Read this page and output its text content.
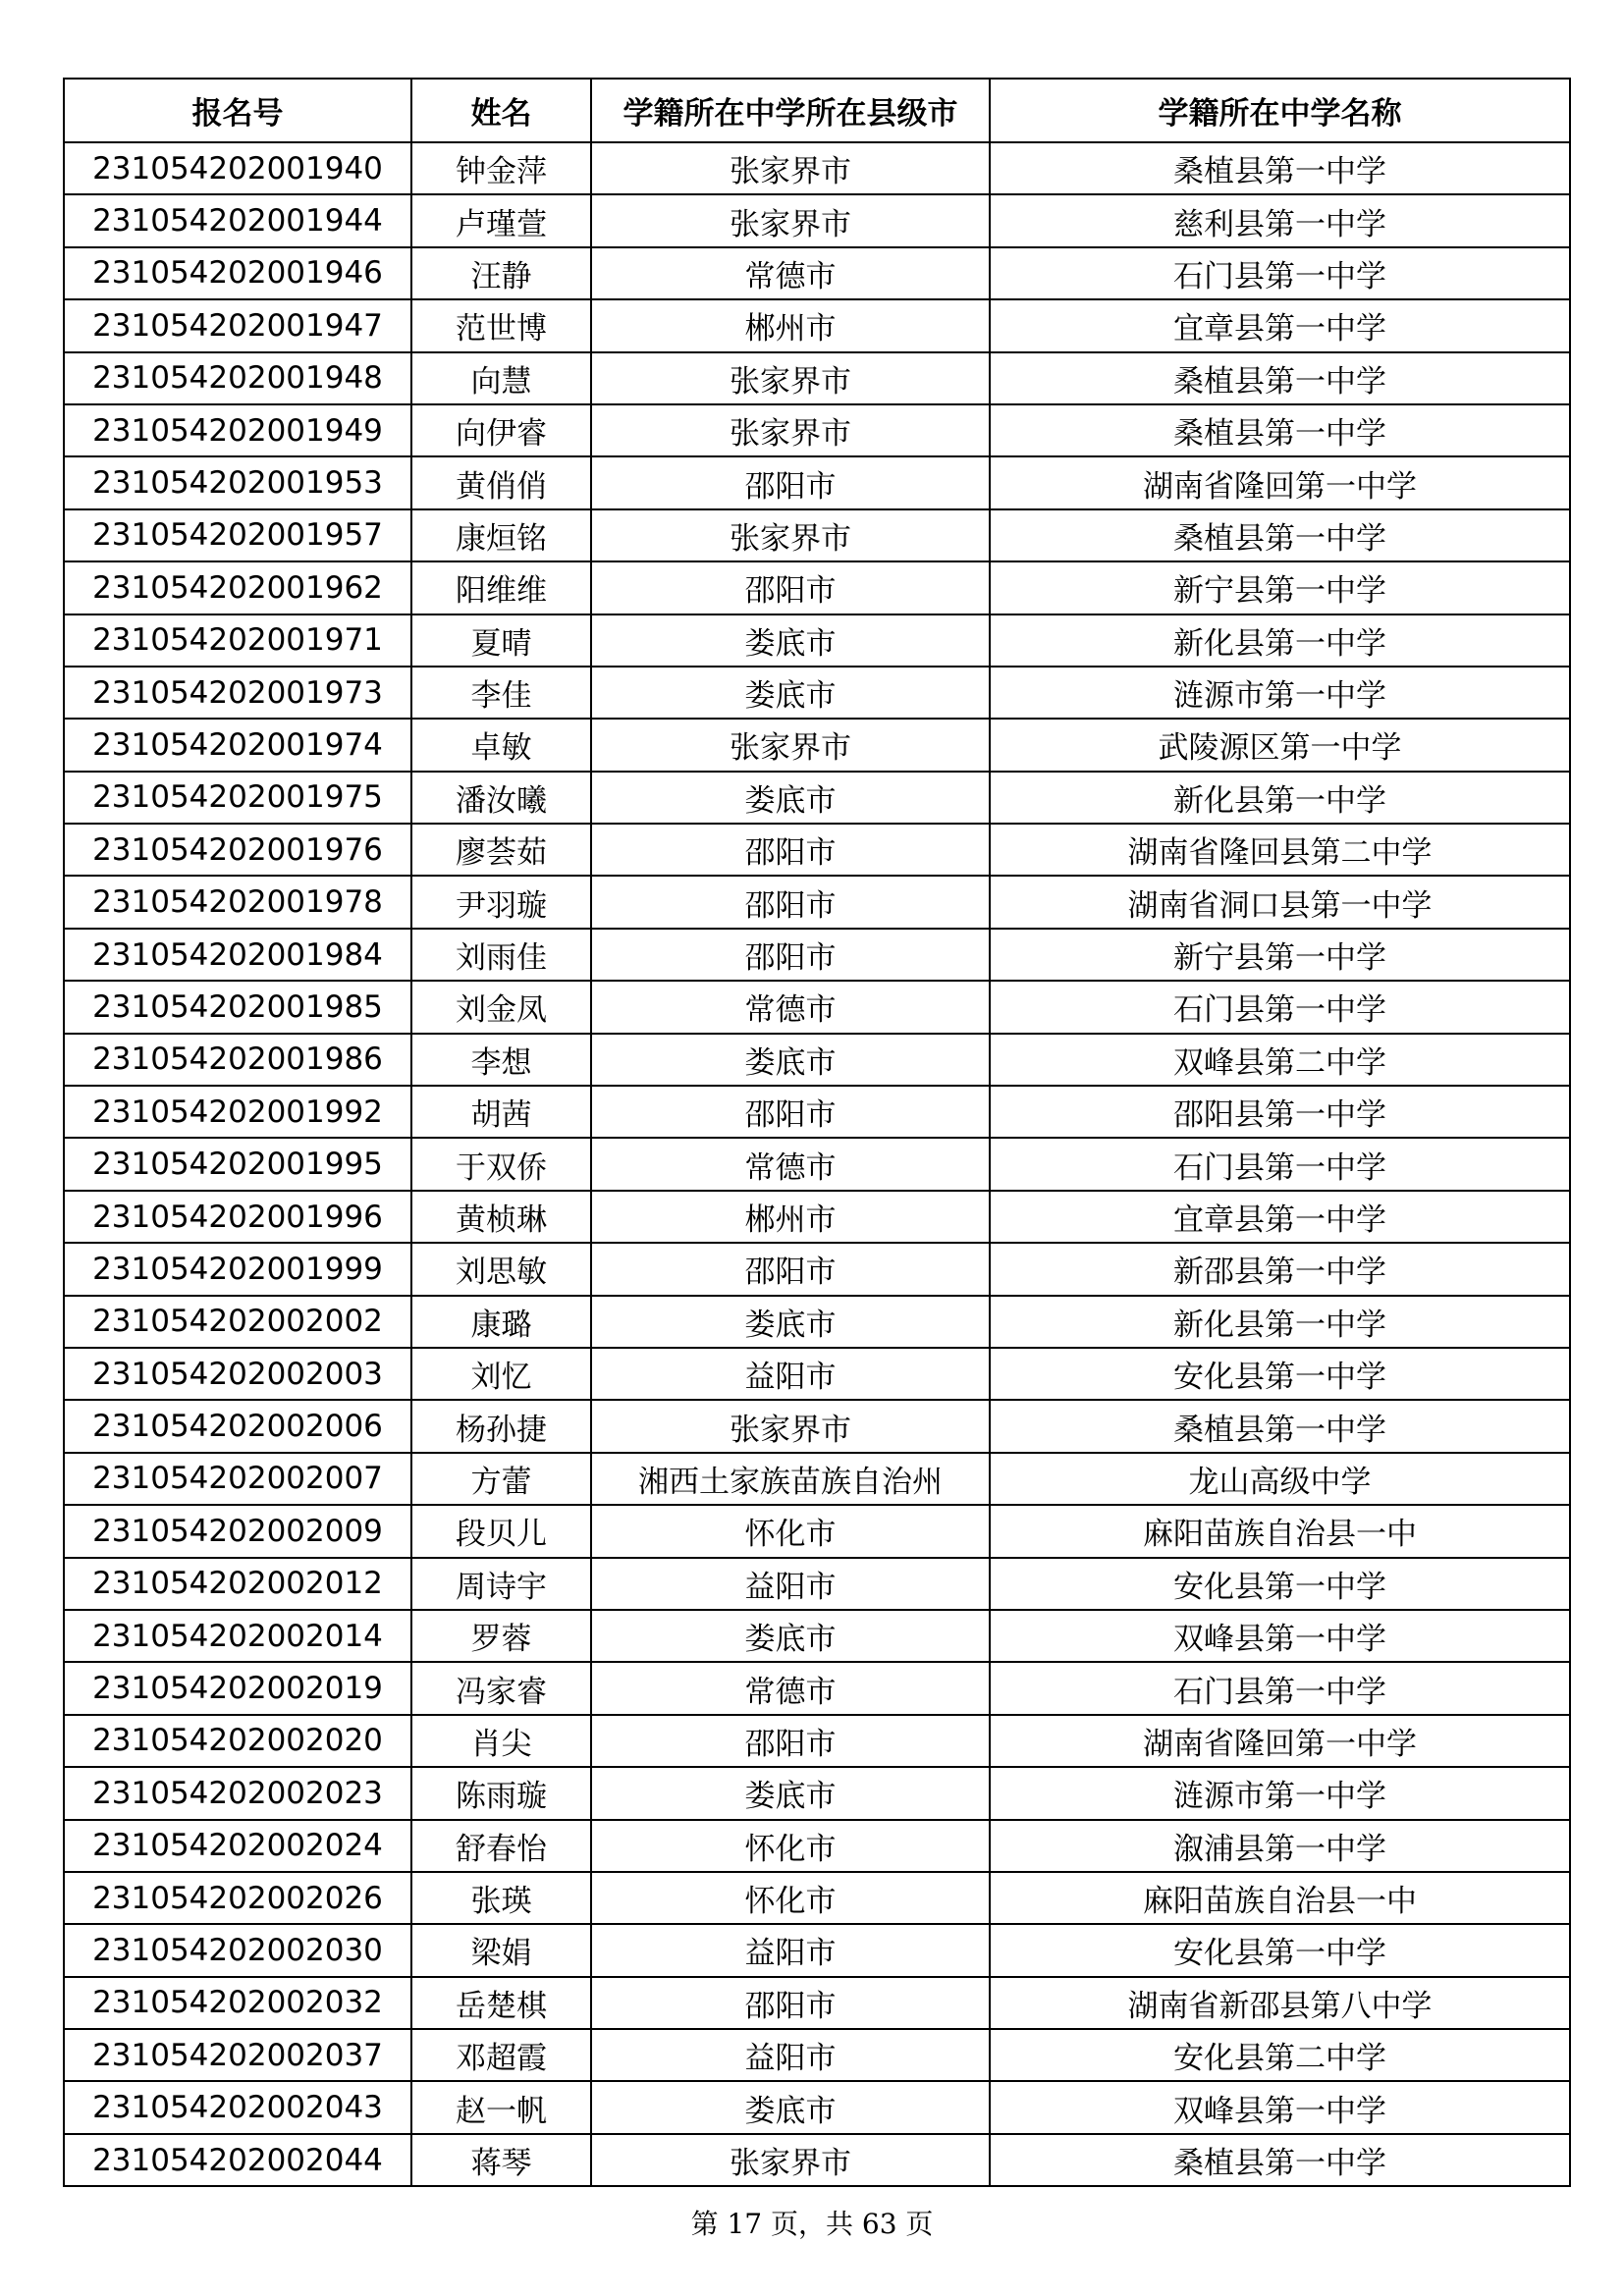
报名号	姓名	学籍所在中学所在县级市	学籍所在中学名称
231054202001940	钟金萍	张家界市	桑植县第一中学
231054202001944	卢瑾萱	张家界市	慈利县第一中学
231054202001946	汪静	常德市	石门县第一中学
231054202001947	范世博	郴州市	宜章县第一中学
231054202001948	向慧	张家界市	桑植县第一中学
231054202001949	向伊睿	张家界市	桑植县第一中学
231054202001953	黄俏俏	邵阳市	湖南省隆回第一中学
231054202001957	康烜铭	张家界市	桑植县第一中学
231054202001962	阳维维	邵阳市	新宁县第一中学
231054202001971	夏晴	娄底市	新化县第一中学
231054202001973	李佳	娄底市	涟源市第一中学
231054202001974	卓敏	张家界市	武陵源区第一中学
231054202001975	潘汝曦	娄底市	新化县第一中学
231054202001976	廖荟茹	邵阳市	湖南省隆回县第二中学
231054202001978	尹羽璇	邵阳市	湖南省洞口县第一中学
231054202001984	刘雨佳	邵阳市	新宁县第一中学
231054202001985	刘金凤	常德市	石门县第一中学
231054202001986	李想	娄底市	双峰县第二中学
231054202001992	胡茜	邵阳市	邵阳县第一中学
231054202001995	于双侨	常德市	石门县第一中学
231054202001996	黄桢琳	郴州市	宜章县第一中学
231054202001999	刘思敏	邵阳市	新邵县第一中学
231054202002002	康璐	娄底市	新化县第一中学
231054202002003	刘忆	益阳市	安化县第一中学
231054202002006	杨孙捷	张家界市	桑植县第一中学
231054202002007	方蕾	湘西土家族苗族自治州	龙山高级中学
231054202002009	段贝儿	怀化市	麻阳苗族自治县一中
231054202002012	周诗宇	益阳市	安化县第一中学
231054202002014	罗蓉	娄底市	双峰县第一中学
231054202002019	冯家睿	常德市	石门县第一中学
231054202002020	肖尖	邵阳市	湖南省隆回第一中学
231054202002023	陈雨璇	娄底市	涟源市第一中学
231054202002024	舒春怡	怀化市	溆浦县第一中学
231054202002026	张瑛	怀化市	麻阳苗族自治县一中
231054202002030	梁娟	益阳市	安化县第一中学
231054202002032	岳楚棋	邵阳市	湖南省新邵县第八中学
231054202002037	邓超霞	益阳市	安化县第二中学
231054202002043	赵一帆	娄底市	双峰县第一中学
231054202002044	蒋琴	张家界市	桑植县第一中学
第 17 页，共 63 页
